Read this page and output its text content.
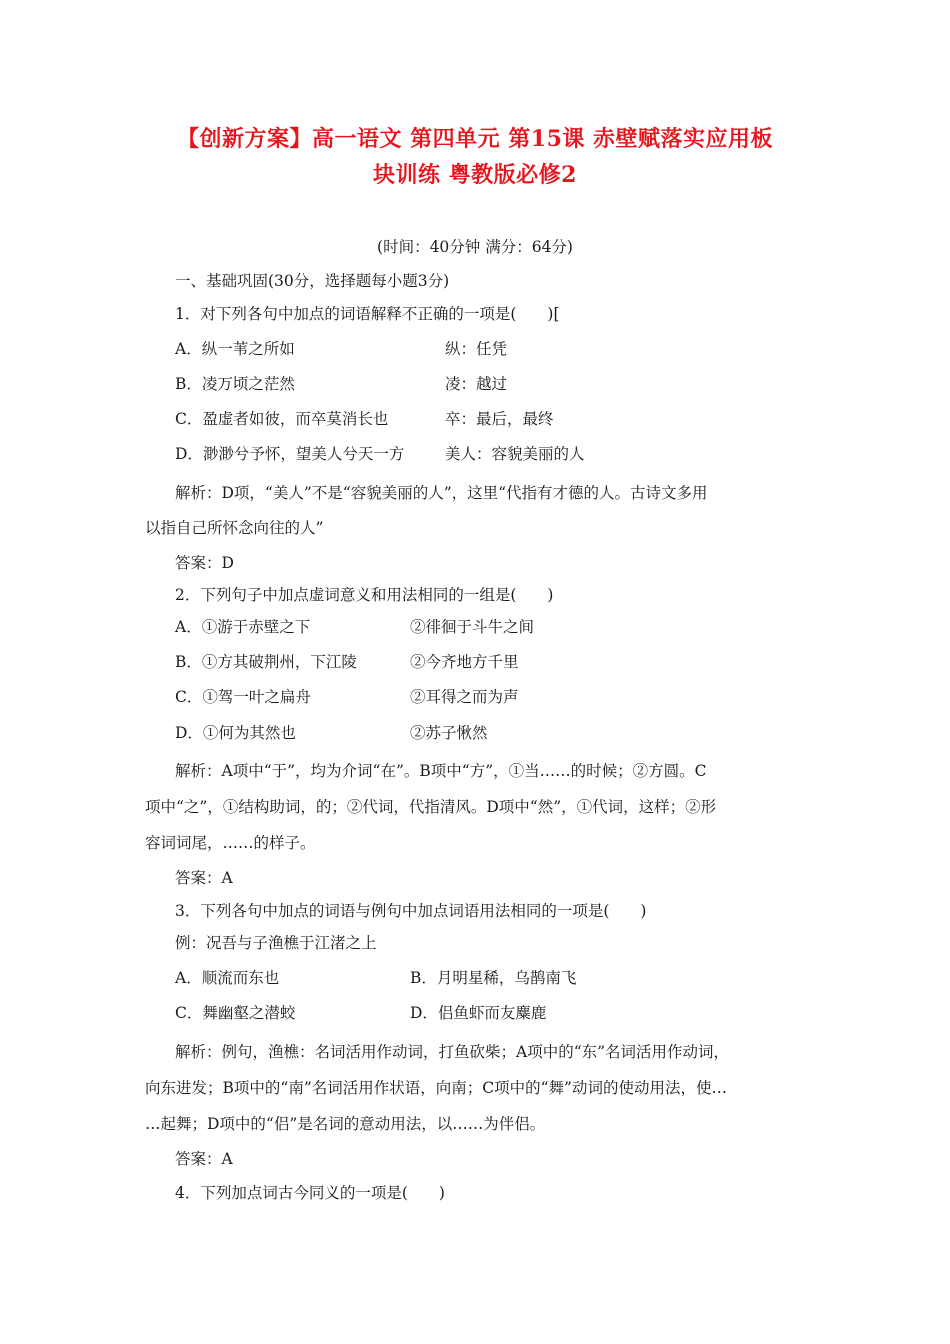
【创新方案】高一语文 第四单元 第15课 赤壁赋落实应用板
块训练 粤教版必修2
(时间：40分钟 满分：64分)
一、基础巩固(30分，选择题每小题3分)
1．对下列各句中加点的词语解释不正确的一项是(　　)[
A．纵一苇之所如	纵：任凭
B．凌万顷之茫然	凌：越过
C．盈虚者如彼，而卒莫消长也	卒：最后，最终
D．渺渺兮予怀，望美人兮天一方	美人：容貌美丽的人
解析：D项，“美人”不是“容貌美丽的人”，这里“代指有才德的人。古诗文多用
以指自己所怀念向往的人”
答案：D
2．下列句子中加点虚词意义和用法相同的一组是(　　)
A．①游于赤壁之下	②徘徊于斗牛之间
B．①方其破荆州，下江陵	②今齐地方千里
C．①驾一叶之扁舟	②耳得之而为声
D．①何为其然也	②苏子愀然
解析：A项中“于”，均为介词“在”。B项中“方”，①当……的时候；②方圆。C
项中“之”，①结构助词，的；②代词，代指清风。D项中“然”，①代词，这样；②形
容词词尾，……的样子。
答案：A
3．下列各句中加点的词语与例句中加点词语用法相同的一项是(　　)
例：况吾与子渔樵于江渚之上
A．顺流而东也	B．月明星稀，乌鹊南飞
C．舞幽壑之潜蛟	D．侣鱼虾而友麋鹿
解析：例句，渔樵：名词活用作动词，打鱼砍柴；A项中的“东”名词活用作动词，
向东进发；B项中的“南”名词活用作状语，向南；C项中的“舞”动词的使动用法，使…
…起舞；D项中的“侣”是名词的意动用法，以……为伴侣。
答案：A
4．下列加点词古今同义的一项是(　　)
